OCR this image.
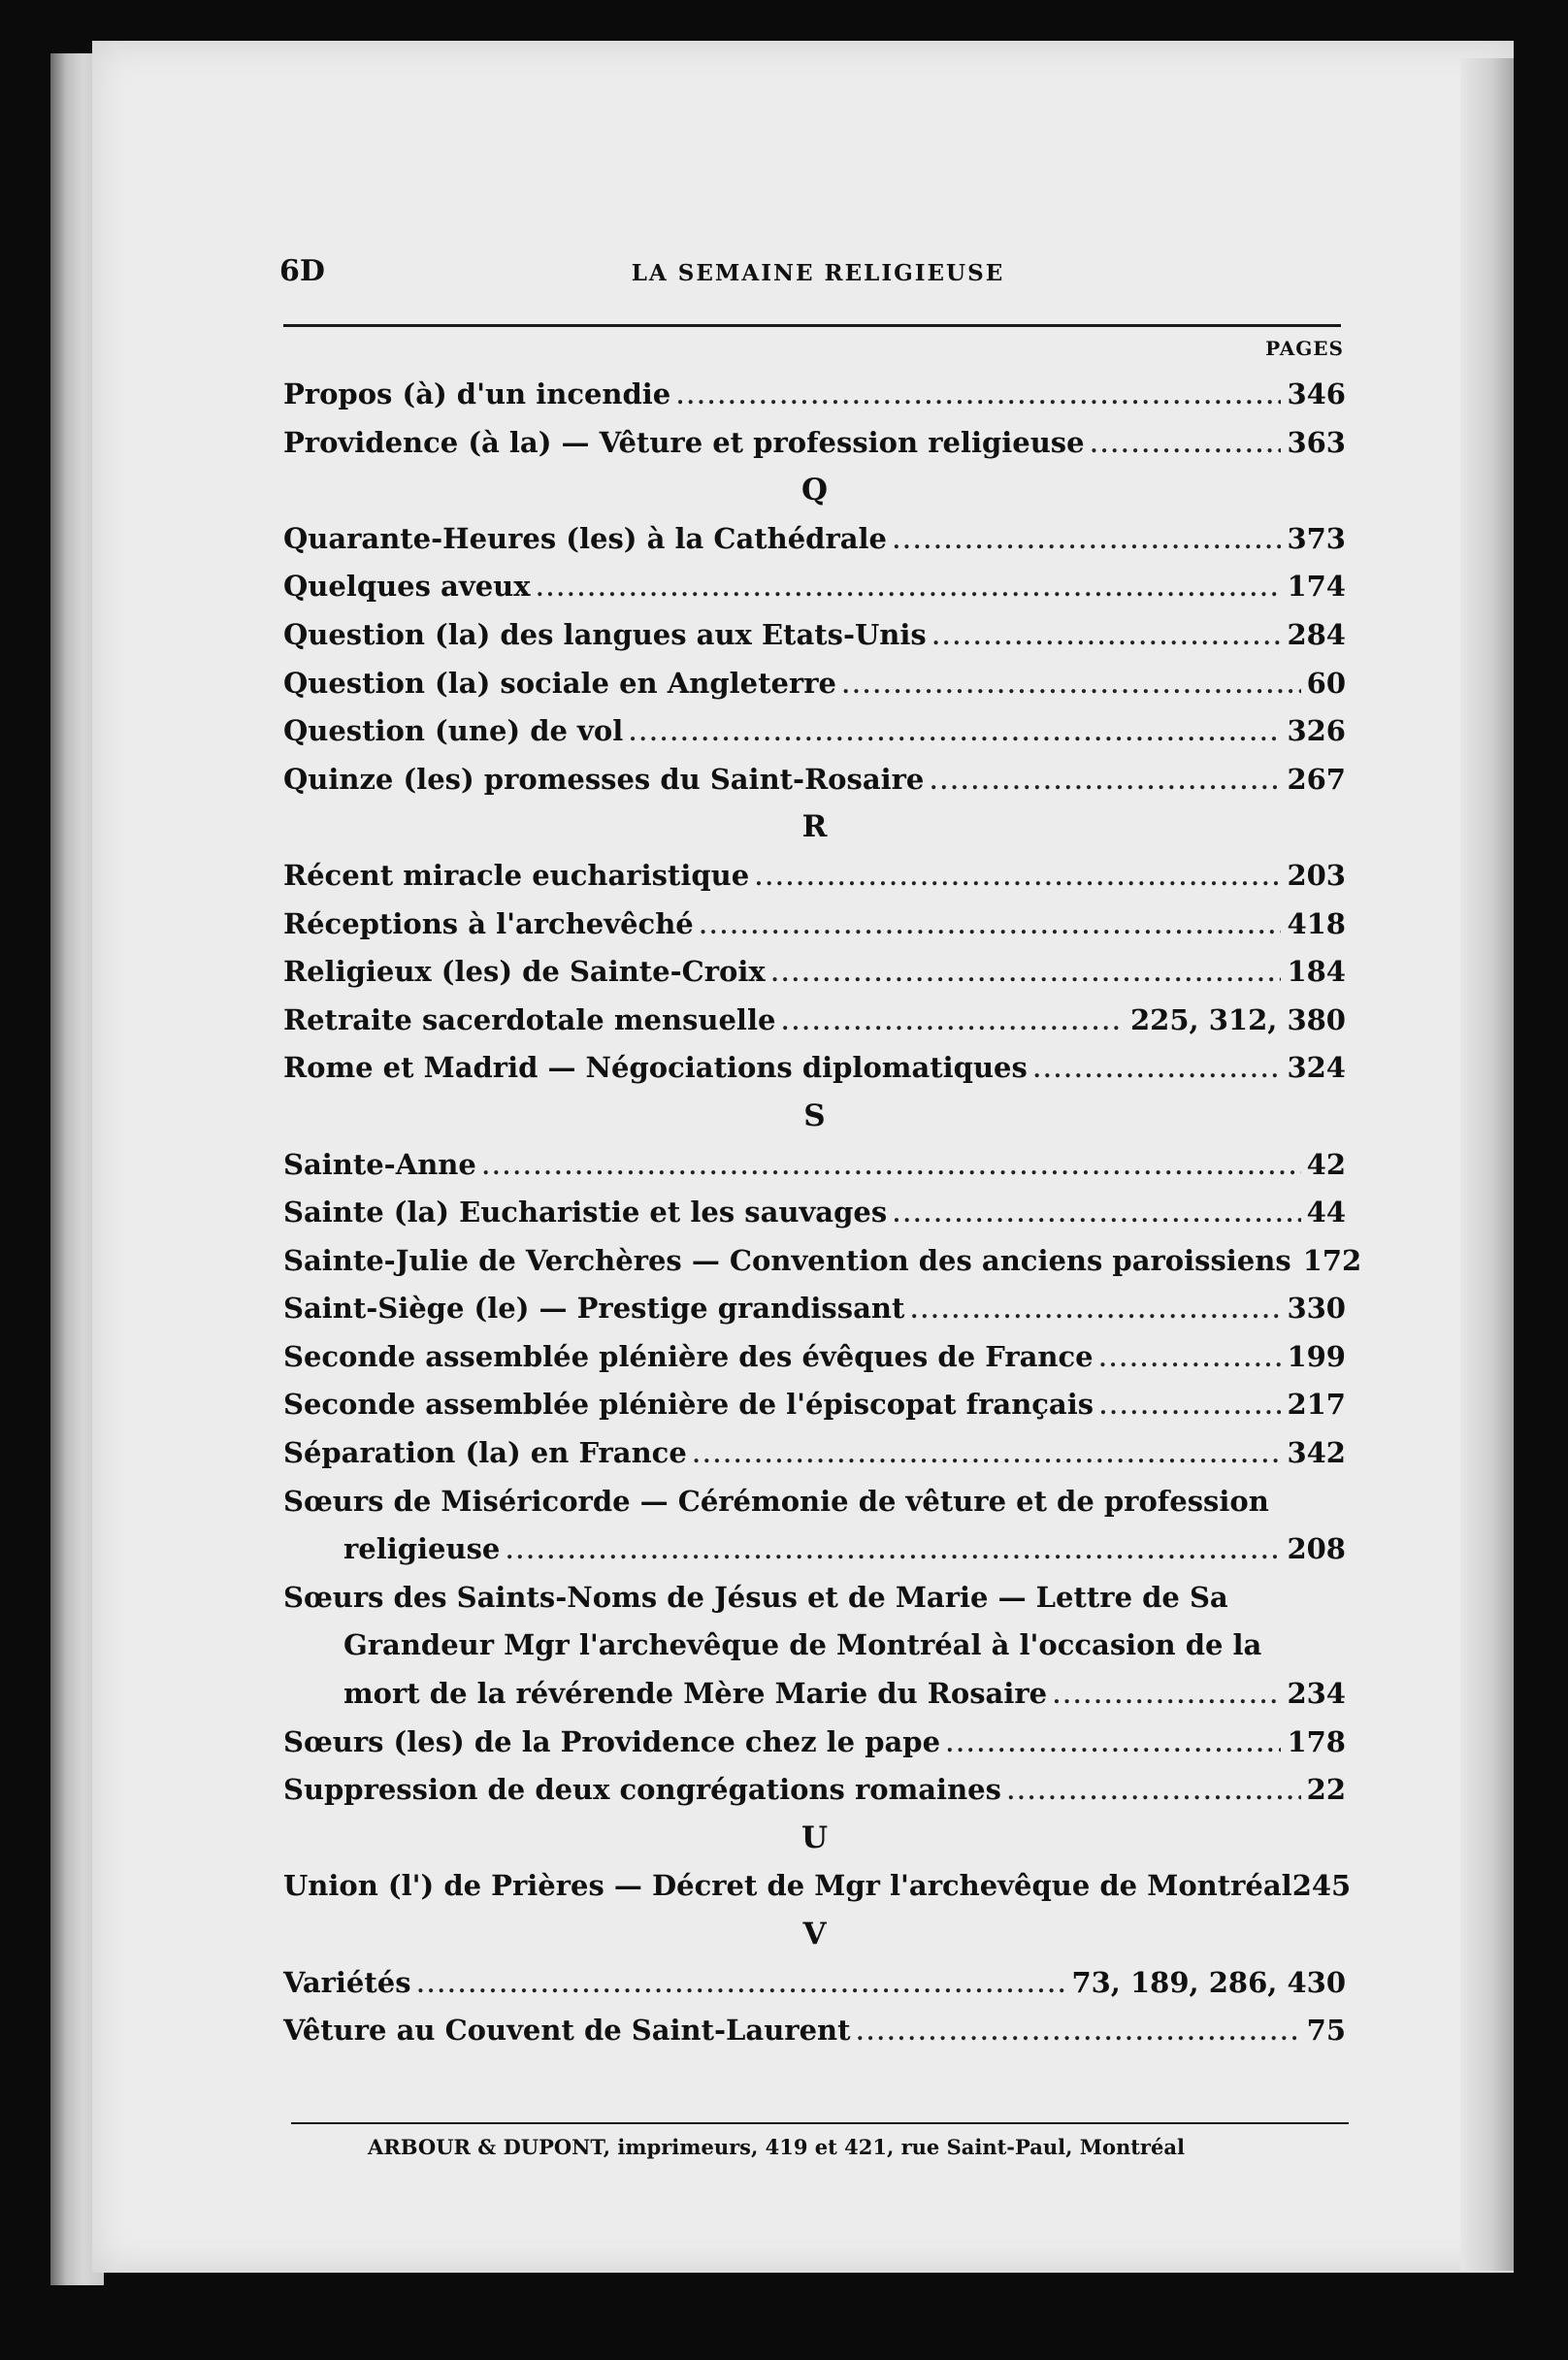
6D	LA SEMAINE RELIGIEUSE
PAGES
Propos (à) d'un incendie .....	346
Providence (à la) — Vêture et profession religieuse .....	363
Q
Quarante-Heures (les) à la Cathédrale .....	373
Quelques aveux .....	174
Question (la) des langues aux Etats-Unis .....	284
Question (la) sociale en Angleterre .....	60
Question (une) de vol .....	326
Quinze (les) promesses du Saint-Rosaire .....	267
R
Récent miracle eucharistique .....	203
Réceptions à l'archevêché .....	418
Religieux (les) de Sainte-Croix .....	184
Retraite sacerdotale mensuelle .....	225, 312, 380
Rome et Madrid — Négociations diplomatiques .....	324
S
Sainte-Anne .....	42
Sainte (la) Eucharistie et les sauvages .....	44
Sainte-Julie de Verchères — Convention des anciens paroissiens 172
Saint-Siège (le) — Prestige grandissant .....	330
Seconde assemblée plénière des évêques de France .....	199
Seconde assemblée plénière de l'épiscopat français .....	217
Séparation (la) en France .....	342
Sœurs de Miséricorde — Cérémonie de vêture et de profession
religieuse .....	208
Sœurs des Saints-Noms de Jésus et de Marie — Lettre de Sa
Grandeur Mgr l'archevêque de Montréal à l'occasion de la
mort de la révérende Mère Marie du Rosaire .....	234
Sœurs (les) de la Providence chez le pape .....	178
Suppression de deux congrégations romaines .....	22
U
Union (l') de Prières — Décret de Mgr l'archevêque de Montréal 245
V
Variétés .....	73, 189, 286, 430
Vêture au Couvent de Saint-Laurent .....	75
ARBOUR & DUPONT, imprimeurs, 419 et 421, rue Saint-Paul, Montréal
